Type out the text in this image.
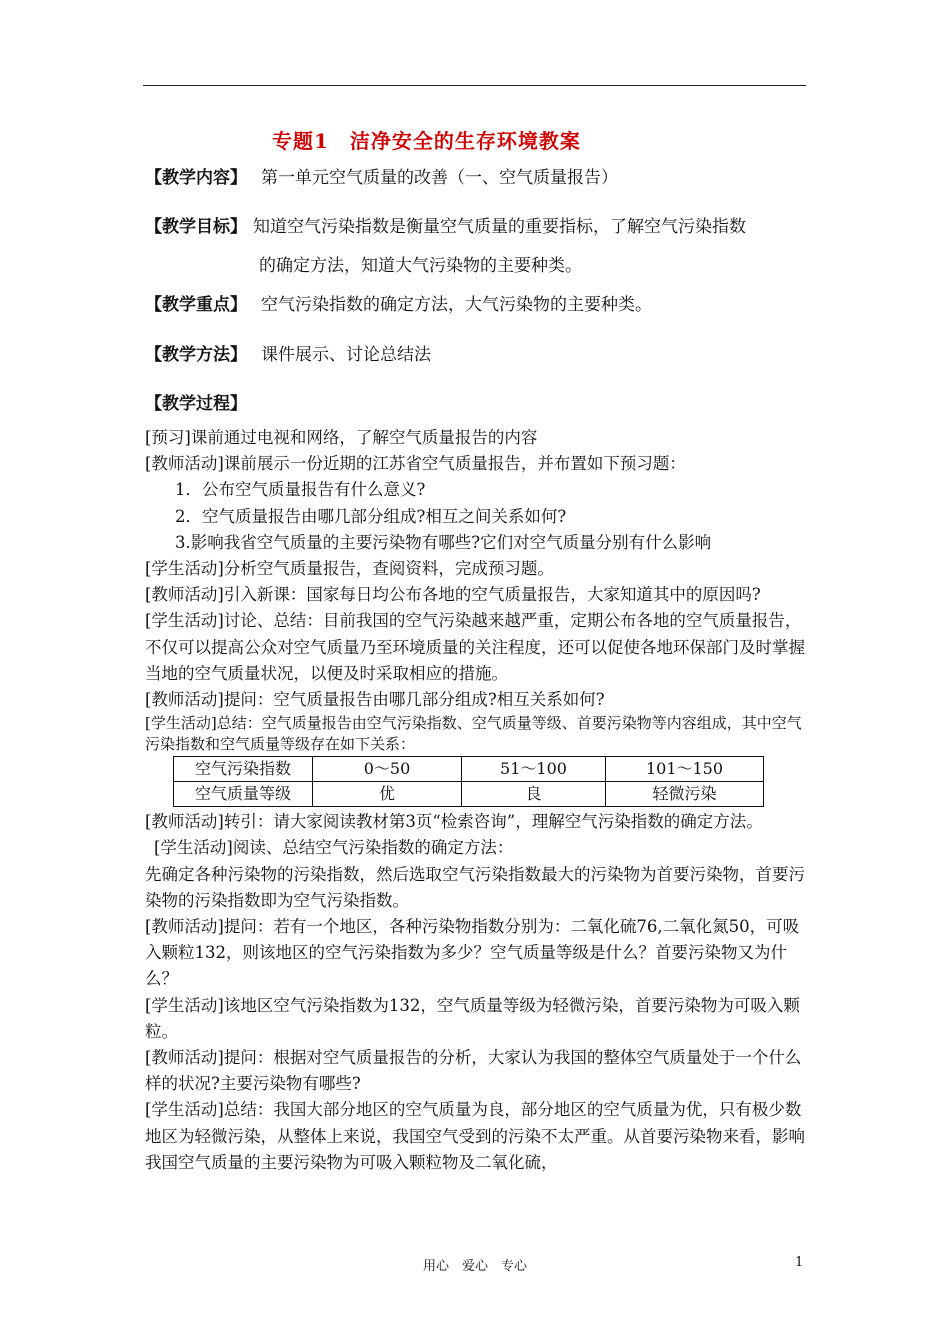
专题1　洁净安全的生存环境教案
【教学内容】 第一单元空气质量的改善（一、空气质量报告）
【教学目标】 知道空气污染指数是衡量空气质量的重要指标，了解空气污染指数
的确定方法，知道大气污染物的主要种类。
【教学重点】 空气污染指数的确定方法，大气污染物的主要种类。
【教学方法】 课件展示、讨论总结法
【教学过程】

[预习]课前通过电视和网络，了解空气质量报告的内容

[教师活动]课前展示一份近期的江苏省空气质量报告，并布置如下预习题：

1．公布空气质量报告有什么意义?

2．空气质量报告由哪几部分组成?相互之间关系如何?

3.影响我省空气质量的主要污染物有哪些?它们对空气质量分别有什么影响

[学生活动]分析空气质量报告，查阅资料，完成预习题。

[教师活动]引入新课：国家每日均公布各地的空气质量报告，大家知道其中的原因吗?

[学生活动]讨论、总结：目前我国的空气污染越来越严重，定期公布各地的空气质量报告，不仅可以提高公众对空气质量乃至环境质量的关注程度，还可以促使各地环保部门及时掌握当地的空气质量状况，以便及时采取相应的措施。

[教师活动]提问：空气质量报告由哪几部分组成?相互关系如何?

[学生活动]总结：空气质量报告由空气污染指数、空气质量等级、首要污染物等内容组成，其中空气污染指数和空气质量等级存在如下关系：

空气污染指数	0～50	51～100	101～150
空气质量等级	优	良	轻微污染

[教师活动]转引：请大家阅读教材第3页“检索咨询”，理解空气污染指数的确定方法。

[学生活动]阅读、总结空气污染指数的确定方法：

先确定各种污染物的污染指数，然后选取空气污染指数最大的污染物为首要污染物，首要污染物的污染指数即为空气污染指数。

[教师活动]提问：若有一个地区，各种污染物指数分别为：二氧化硫76,二氧化氮50，可吸入颗粒132，则该地区的空气污染指数为多少？空气质量等级是什么？首要污染物又为什么？

[学生活动]该地区空气污染指数为132，空气质量等级为轻微污染，首要污染物为可吸入颗粒。

[教师活动]提问：根据对空气质量报告的分析，大家认为我国的整体空气质量处于一个什么样的状况?主要污染物有哪些?

[学生活动]总结：我国大部分地区的空气质量为良，部分地区的空气质量为优，只有极少数地区为轻微污染，从整体上来说，我国空气受到的污染不太严重。从首要污染物来看，影响我国空气质量的主要污染物为可吸入颗粒物及二氧化硫，

用心　爱心　专心	1
